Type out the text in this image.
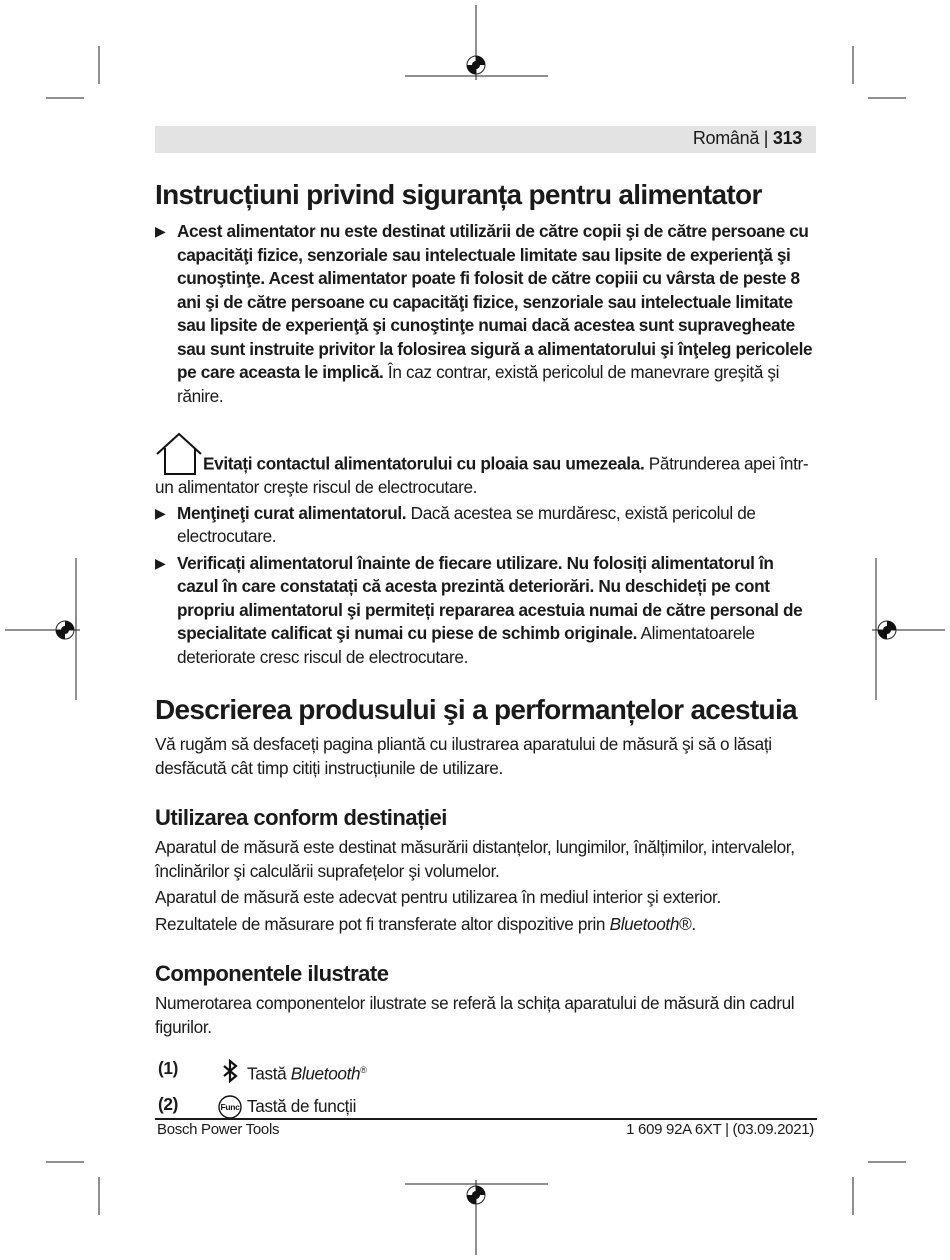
Română | 313
Instrucțiuni privind siguranța pentru alimentator
▶ Acest alimentator nu este destinat utilizării de către copii şi de către persoane cu capacităţi fizice, senzoriale sau intelectuale limitate sau lipsite de experienţă şi cunoştinţe. Acest alimentator poate fi folosit de către copiii cu vârsta de peste 8 ani şi de către persoane cu capacităţi fizice, senzoriale sau intelectuale limitate sau lipsite de experienţă şi cunoştinţe numai dacă acestea sunt supravegheate sau sunt instruite privitor la folosirea sigură a alimentatorului şi înţeleg pericolele pe care aceasta le implică. În caz contrar, există pericolul de manevrare greşită şi rănire.
Evitați contactul alimentatorului cu ploaia sau umezeala. Pătrunderea apei într-un alimentator creşte riscul de electrocutare.
▶ Menţineţi curat alimentatorul. Dacă acestea se murdăresc, există pericolul de electrocutare.
▶ Verificați alimentatorul înainte de fiecare utilizare. Nu folosiți alimentatorul în cazul în care constatați că acesta prezintă deteriorări. Nu deschideți pe cont propriu alimentatorul şi permiteți repararea acestuia numai de către personal de specialitate calificat şi numai cu piese de schimb originale. Alimentatoarele deteriorate cresc riscul de electrocutare.
Descrierea produsului şi a performanțelor acestuia

Vă rugăm să desfaceți pagina pliantă cu ilustrarea aparatului de măsură şi să o lăsați desfăcută cât timp citiți instrucțiunile de utilizare.

Utilizarea conform destinației

Aparatul de măsură este destinat măsurării distanțelor, lungimilor, înălțimilor, intervalelor, înclinărilor şi calculării suprafețelor şi volumelor.

Aparatul de măsură este adecvat pentru utilizarea în mediul interior şi exterior.

Rezultatele de măsurare pot fi transferate altor dispozitive prin Bluetooth®.

Componentele ilustrate

Numerotarea componentelor ilustrate se referă la schița aparatului de măsură din cadrul figurilor.

(1)	Tastă Bluetooth®
(2)	Func Tastă de funcții
Bosch Power Tools	1 609 92A 6XT | (03.09.2021)
